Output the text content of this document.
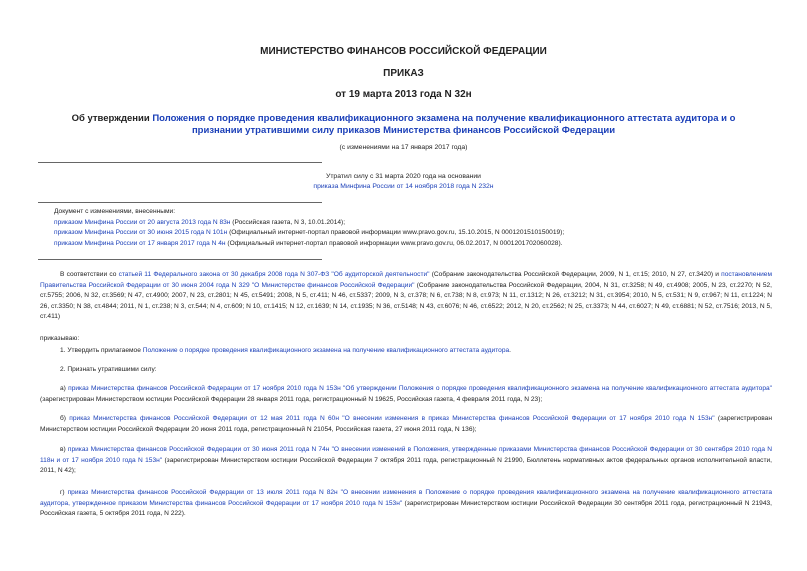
МИНИСТЕРСТВО ФИНАНСОВ РОССИЙСКОЙ ФЕДЕРАЦИИ
ПРИКАЗ
от 19 марта 2013 года N 32н
Об утверждении Положения о порядке проведения квалификационного экзамена на получение квалификационного аттестата аудитора и о признании утратившими силу приказов Министерства финансов Российской Федерации
(с изменениями на 17 января 2017 года)
Утратил силу с 31 марта 2020 года на основании
приказа Минфина России от 14 ноября 2018 года N 232н
Документ с изменениями, внесенными:
приказом Минфина России от 20 августа 2013 года N 83н (Российская газета, N 3, 10.01.2014);
приказом Минфина России от 30 июня 2015 года N 101н (Официальный интернет-портал правовой информации www.pravo.gov.ru, 15.10.2015, N 0001201510150019);
приказом Минфина России от 17 января 2017 года N 4н (Официальный интернет-портал правовой информации www.pravo.gov.ru, 06.02.2017, N 0001201702060028).
В соответствии со статьей 11 Федерального закона от 30 декабря 2008 года N 307-ФЗ "Об аудиторской деятельности" (Собрание законодательства Российской Федерации, 2009, N 1, ст.15; 2010, N 27, ст.3420) и постановлением Правительства Российской Федерации от 30 июня 2004 года N 329 "О Министерстве финансов Российской Федерации" (Собрание законодательства Российской Федерации, 2004, N 31, ст.3258; N 49, ст.4908; 2005, N 23, ст.2270; N 52, ст.5755; 2006, N 32, ст.3569; N 47, ст.4900; 2007, N 23, ст.2801; N 45, ст.5491; 2008, N 5, ст.411; N 46, ст.5337; 2009, N 3, ст.378; N 6, ст.738; N 8, ст.973; N 11, ст.1312; N 26, ст.3212; N 31, ст.3954; 2010, N 5, ст.531; N 9, ст.967; N 11, ст.1224; N 26, ст.3350; N 38, ст.4844; 2011, N 1, ст.238; N 3, ст.544; N 4, ст.609; N 10, ст.1415; N 12, ст.1639; N 14, ст.1935; N 36, ст.5148; N 43, ст.6076; N 46, ст.6522; 2012, N 20, ст.2562; N 25, ст.3373; N 44, ст.6027; N 49, ст.6881; N 52, ст.7516; 2013, N 5, ст.411)
приказываю:
1. Утвердить прилагаемое Положение о порядке проведения квалификационного экзамена на получение квалификационного аттестата аудитора.
2. Признать утратившими силу:
а) приказ Министерства финансов Российской Федерации от 17 ноября 2010 года N 153н "Об утверждении Положения о порядке проведения квалификационного экзамена на получение квалификационного аттестата аудитора" (зарегистрирован Министерством юстиции Российской Федерации 28 января 2011 года, регистрационный N 19625, Российская газета, 4 февраля 2011 года, N 23);
б) приказ Министерства финансов Российской Федерации от 12 мая 2011 года N 60н "О внесении изменения в приказ Министерства финансов Российской Федерации от 17 ноября 2010 года N 153н" (зарегистрирован Министерством юстиции Российской Федерации 20 июня 2011 года, регистрационный N 21054, Российская газета, 27 июня 2011 года, N 136);
в) приказ Министерства финансов Российской Федерации от 30 июня 2011 года N 74н "О внесении изменений в Положения, утвержденные приказами Министерства финансов Российской Федерации от 30 сентября 2010 года N 118н и от 17 ноября 2010 года N 153н" (зарегистрирован Министерством юстиции Российской Федерации 7 октября 2011 года, регистрационный N 21990, Бюллетень нормативных актов федеральных органов исполнительной власти, 2011, N 42);
г) приказ Министерства финансов Российской Федерации от 13 июля 2011 года N 82н "О внесении изменения в Положение о порядке проведения квалификационного экзамена на получение квалификационного аттестата аудитора, утвержденное приказом Министерства финансов Российской Федерации от 17 ноября 2010 года N 153н" (зарегистрирован Министерством юстиции Российской Федерации 30 сентября 2011 года, регистрационный N 21943, Российская газета, 5 октября 2011 года, N 222).
